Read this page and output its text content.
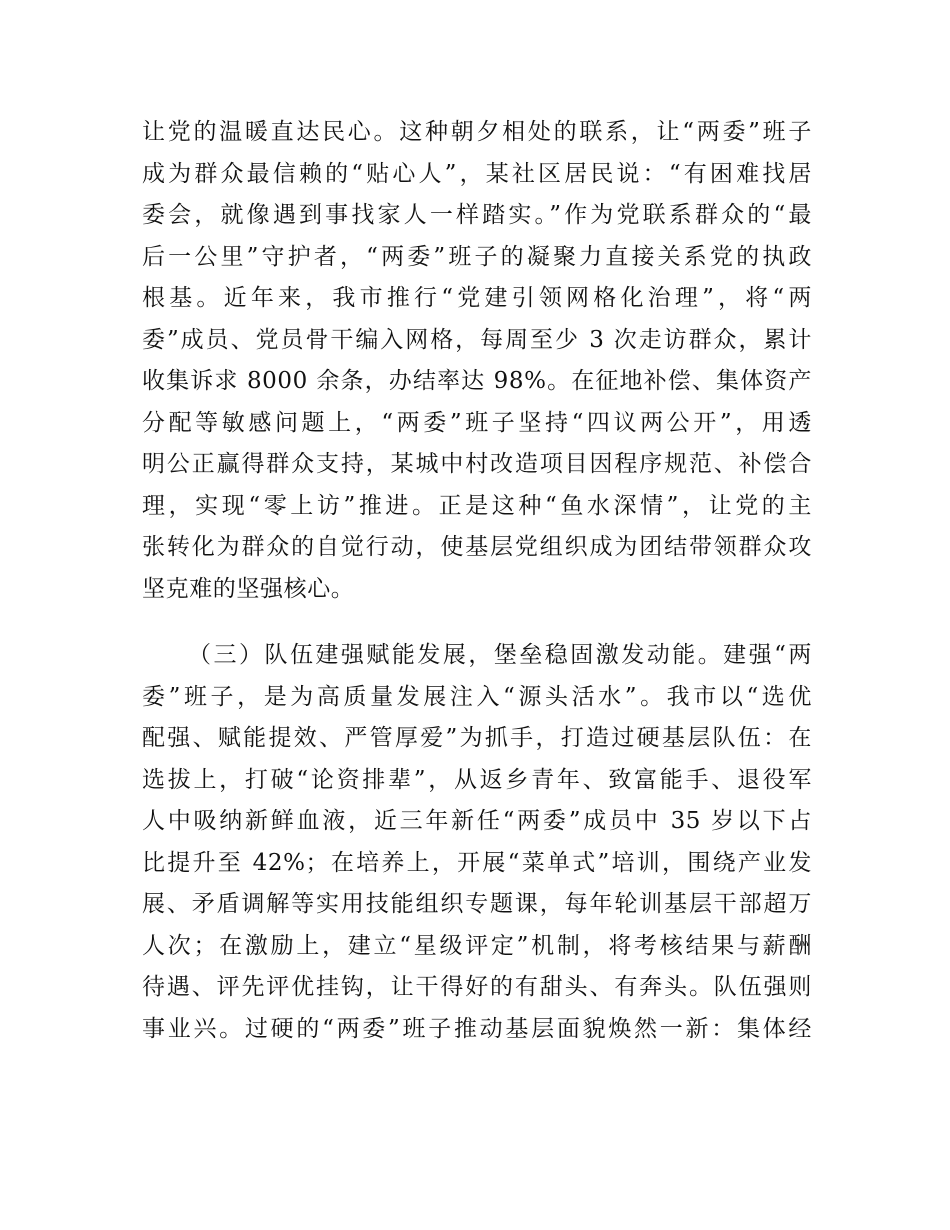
让党的温暖直达民心。这种朝夕相处的联系，让“两委”班子
成为群众最信赖的“贴心人”，某社区居民说：“有困难找居
委会，就像遇到事找家人一样踏实。”作为党联系群众的“最
后一公里”守护者，“两委”班子的凝聚力直接关系党的执政
根基。近年来，我市推行“党建引领网格化治理”，将“两
委”成员、党员骨干编入网格，每周至少 3 次走访群众，累计
收集诉求 8000 余条，办结率达 98%。在征地补偿、集体资产
分配等敏感问题上，“两委”班子坚持“四议两公开”，用透
明公正赢得群众支持，某城中村改造项目因程序规范、补偿合
理，实现“零上访”推进。正是这种“鱼水深情”，让党的主
张转化为群众的自觉行动，使基层党组织成为团结带领群众攻
坚克难的坚强核心。
（三）队伍建强赋能发展，堡垒稳固激发动能。建强“两
委”班子，是为高质量发展注入“源头活水”。我市以“选优
配强、赋能提效、严管厚爱”为抓手，打造过硬基层队伍：在
选拔上，打破“论资排辈”，从返乡青年、致富能手、退役军
人中吸纳新鲜血液，近三年新任“两委”成员中 35 岁以下占
比提升至 42%；在培养上，开展“菜单式”培训，围绕产业发
展、矛盾调解等实用技能组织专题课，每年轮训基层干部超万
人次；在激励上，建立“星级评定”机制，将考核结果与薪酬
待遇、评先评优挂钩，让干得好的有甜头、有奔头。队伍强则
事业兴。过硬的“两委”班子推动基层面貌焕然一新：集体经
